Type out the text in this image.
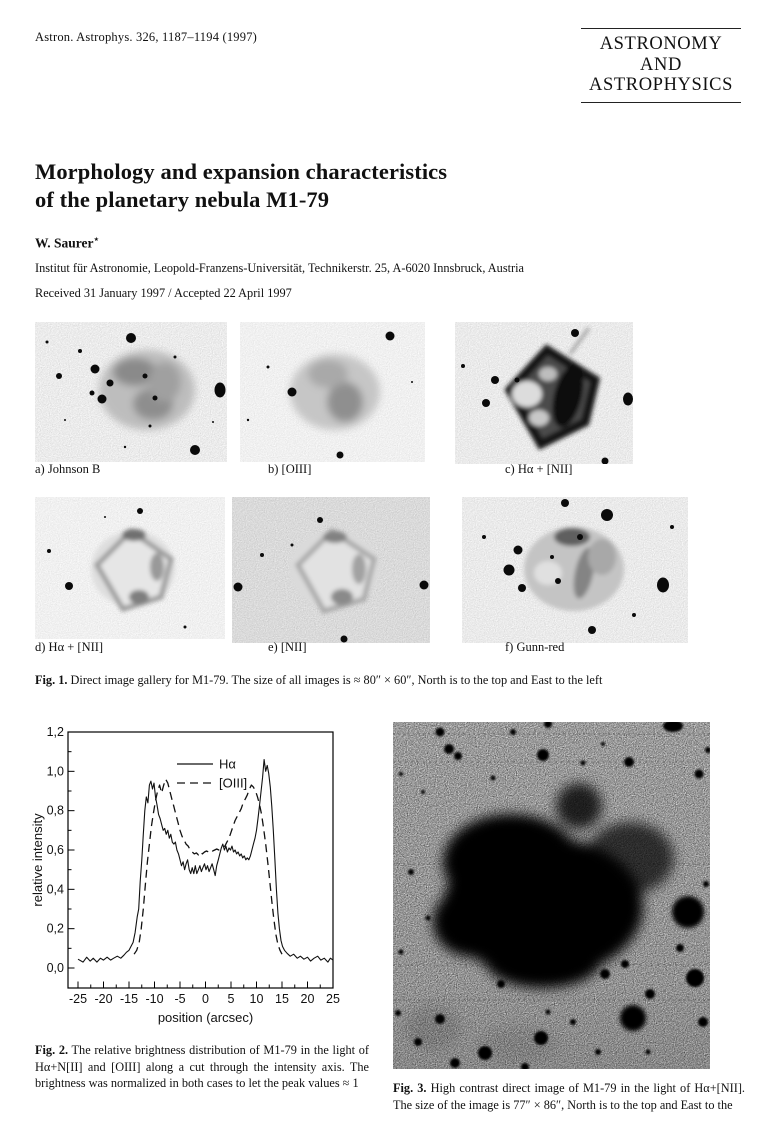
Astron. Astrophys. 326, 1187–1194 (1997)	ASTRONOMY
AND
ASTROPHYSICS
Morphology and expansion characteristics
of the planetary nebula M1-79
W. Saurer⋆
Institut für Astronomie, Leopold-Franzens-Universität, Technikerstr. 25, A-6020 Innsbruck, Austria
Received 31 January 1997 / Accepted 22 April 1997
a) Johnson B	b) [OIII]	c) Hα + [NII]
d) Hα + [NII]	e) [NII]	f) Gunn-red
Fig. 1. Direct image gallery for M1-79. The size of all images is ≈ 80″ × 60″, North is to the top and East to the left
-25 -20 -15 -10 -5 0 5 10 15 20 25
0,0
0,2
0,4
0,6
0,8
1,0
1,2
Hα
[OIII]
position (arcsec)
relative intensity
Fig. 2. The relative brightness distribution of M1-79 in the light of Hα+N[II] and [OIII] along a cut through the intensity axis. The brightness was normalized in both cases to let the peak values ≈ 1	Fig. 3. High contrast direct image of M1-79 in the light of Hα+[NII]. The size of the image is 77″ × 86″, North is to the top and East to the
